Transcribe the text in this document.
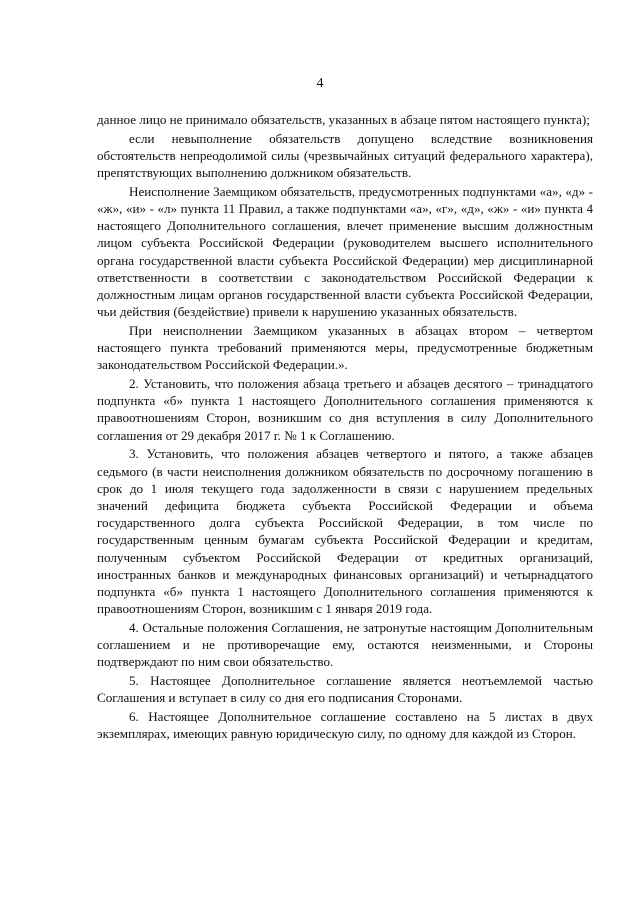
4

данное лицо не принимало обязательств, указанных в абзаце пятом настоящего пункта);

если невыполнение обязательств допущено вследствие возникновения обстоятельств непреодолимой силы (чрезвычайных ситуаций федерального характера), препятствующих выполнению должником обязательств.

Неисполнение Заемщиком обязательств, предусмотренных подпунктами «а», «д» - «ж», «и» - «л» пункта 11 Правил, а также подпунктами «а», «г», «д», «ж» - «и» пункта 4 настоящего Дополнительного соглашения, влечет применение высшим должностным лицом субъекта Российской Федерации (руководителем высшего исполнительного органа государственной власти субъекта Российской Федерации) мер дисциплинарной ответственности в соответствии с законодательством Российской Федерации к должностным лицам органов государственной власти субъекта Российской Федерации, чьи действия (бездействие) привели к нарушению указанных обязательств.

При неисполнении Заемщиком указанных в абзацах втором – четвертом настоящего пункта требований применяются меры, предусмотренные бюджетным законодательством Российской Федерации.».

2. Установить, что положения абзаца третьего и абзацев десятого – тринадцатого подпункта «б» пункта 1 настоящего Дополнительного соглашения применяются к правоотношениям Сторон, возникшим со дня вступления в силу Дополнительного соглашения от 29 декабря 2017 г. № 1 к Соглашению.

3. Установить, что положения абзацев четвертого и пятого, а также абзацев седьмого (в части неисполнения должником обязательств по досрочному погашению в срок до 1 июля текущего года задолженности в связи с нарушением предельных значений дефицита бюджета субъекта Российской Федерации и объема государственного долга субъекта Российской Федерации, в том числе по государственным ценным бумагам субъекта Российской Федерации и кредитам, полученным субъектом Российской Федерации от кредитных организаций, иностранных банков и международных финансовых организаций) и четырнадцатого подпункта «б» пункта 1 настоящего Дополнительного соглашения применяются к правоотношениям Сторон, возникшим с 1 января 2019 года.

4. Остальные положения Соглашения, не затронутые настоящим Дополнительным соглашением и не противоречащие ему, остаются неизменными, и Стороны подтверждают по ним свои обязательство.

5. Настоящее Дополнительное соглашение является неотъемлемой частью Соглашения и вступает в силу со дня его подписания Сторонами.

6. Настоящее Дополнительное соглашение составлено на 5 листах в двух экземплярах, имеющих равную юридическую силу, по одному для каждой из Сторон.
